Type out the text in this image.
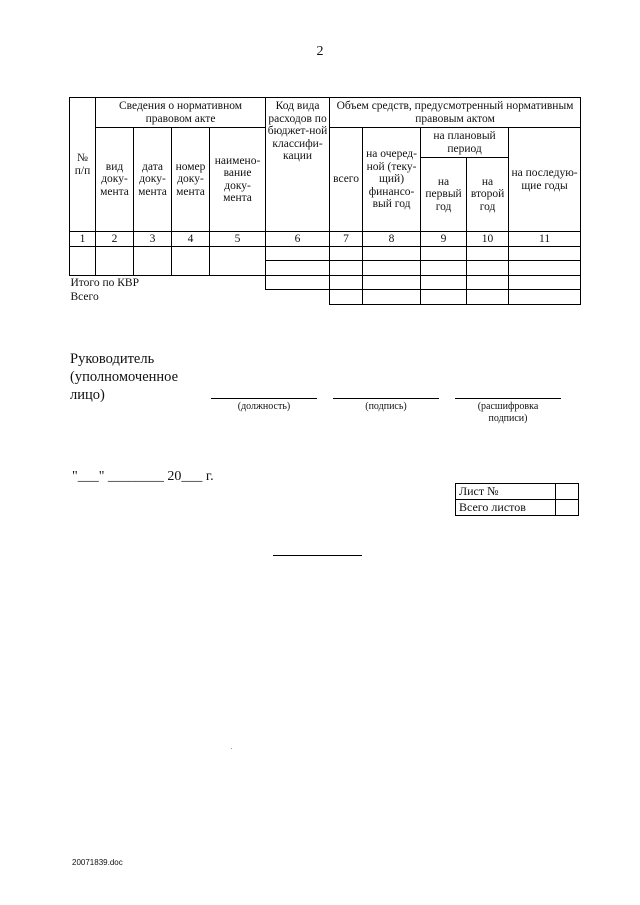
2
№ п/п	Сведения о нормативном правовом акте				Код вида расходов по бюджет-ной классифи-кации	Объем средств, предусмотренный нормативным правовым актом				
	вид доку-мента	дата доку-мента	номер доку-мента	наимено-вание доку-мента		всего	на очеред-ной (теку-щий) финансо-вый год	на плановый период		на последую-щие годы
								на первый год	на второй год	

1	2	3	4	5	6	7	8	9	10	11

Итого по КВР										
Всего										
Руководитель
(уполномоченное
лицо)
(должность)	(подпись)	(расшифровка
подписи)
"___" ________ 20___ г.
Лист №	
Всего листов	
20071839.doc
